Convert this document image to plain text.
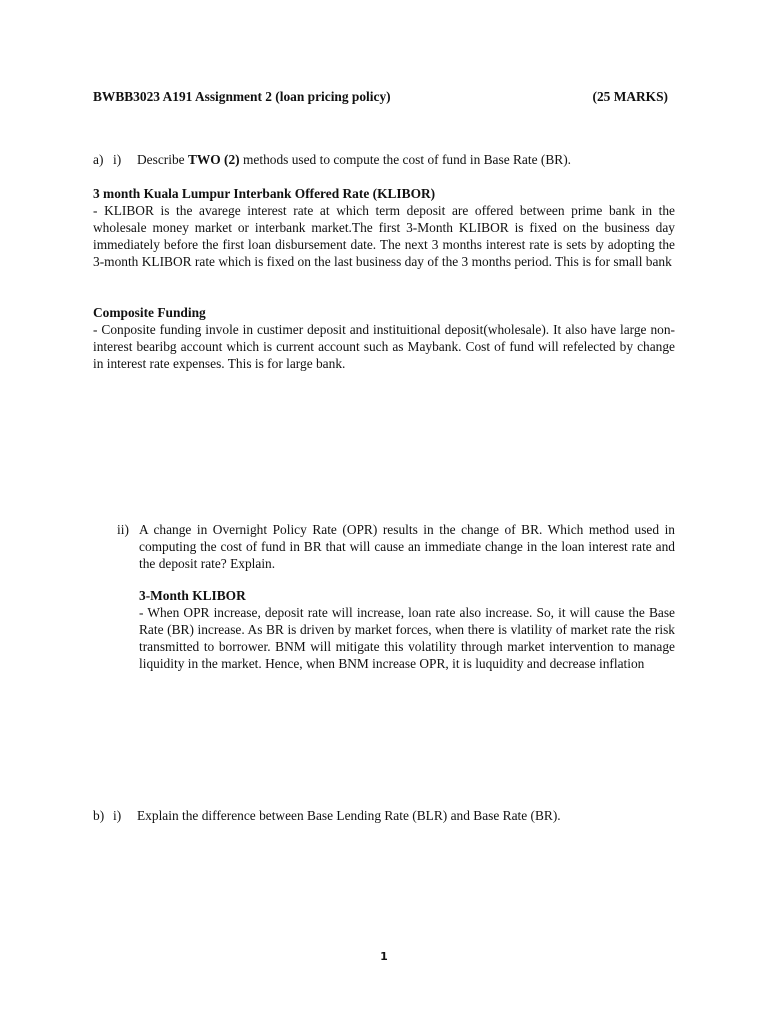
BWBB3023 A191 Assignment 2 (loan pricing policy)	(25 MARKS)
a) i) Describe TWO (2) methods used to compute the cost of fund in Base Rate (BR).
3 month Kuala Lumpur Interbank Offered Rate (KLIBOR)
- KLIBOR is the avarege interest rate at which term deposit are offered between prime bank in the wholesale money market or interbank market.The first 3-Month KLIBOR is fixed on the business day immediately before the first loan disbursement date. The next 3 months interest rate is sets by adopting the 3-month KLIBOR rate which is fixed on the last business day of the 3 months period. This is for small bank
Composite Funding
- Conposite funding invole in custimer deposit and instituitional deposit(wholesale). It also have large non-interest bearibg account which is current account such as Maybank. Cost of fund will refelected by change in interest rate expenses. This is for large bank.
ii) A change in Overnight Policy Rate (OPR) results in the change of BR. Which method used in computing the cost of fund in BR that will cause an immediate change in the loan interest rate and the deposit rate? Explain.
3-Month KLIBOR
- When OPR increase, deposit rate will increase, loan rate also increase. So, it will cause the Base Rate (BR) increase. As BR is driven by market forces, when there is vlatility of market rate the risk transmitted to borrower. BNM will mitigate this volatility through market intervention to manage liquidity in the market. Hence, when BNM increase OPR, it is luquidity and decrease inflation
b) i) Explain the difference between Base Lending Rate (BLR) and Base Rate (BR).
1
